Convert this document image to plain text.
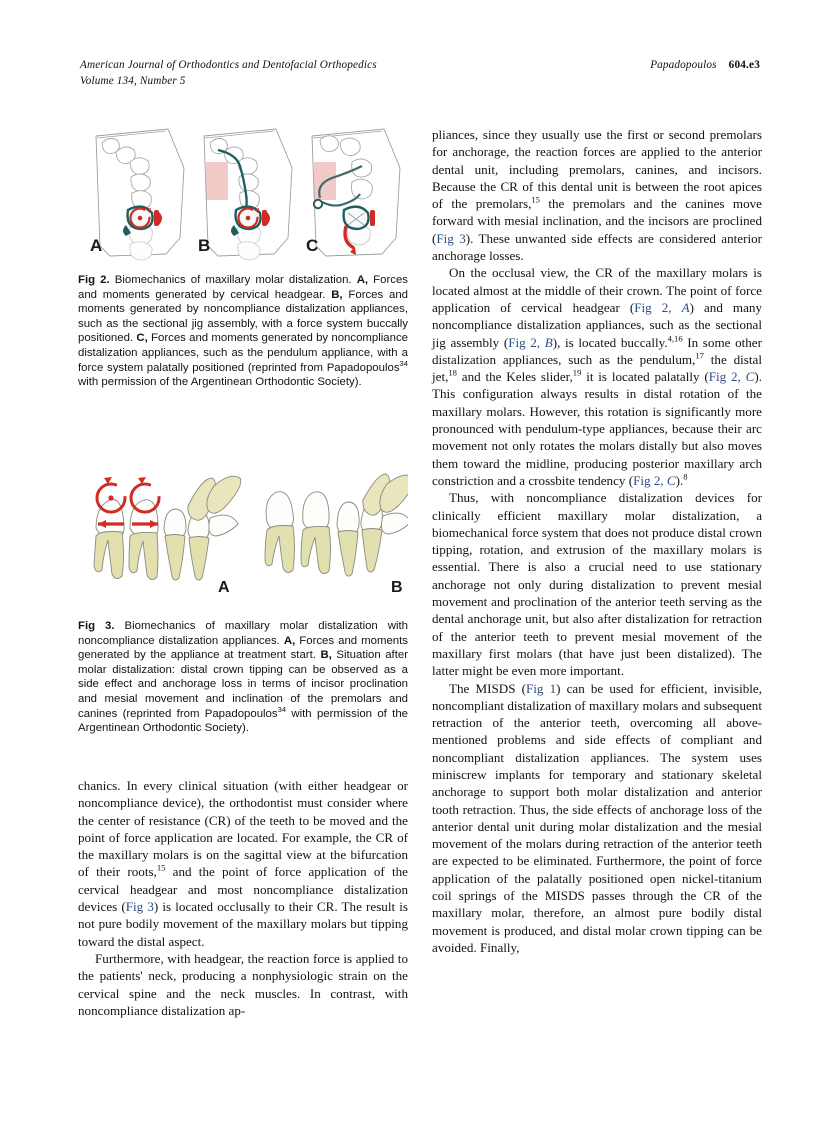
American Journal of Orthodontics and Dentofacial Orthopedics
Volume 134, Number 5
Papadopoulos 604.e3
A	B	C
Fig 2. Biomechanics of maxillary molar distalization. A, Forces and moments generated by cervical headgear. B, Forces and moments generated by noncompliance distalization appliances, such as the sectional jig assembly, with a force system buccally positioned. C, Forces and moments generated by noncompliance distalization appliances, such as the pendulum appliance, with a force system palatally positioned (reprinted from Papadopoulos$^{34}$ with permission of the Argentinean Orthodontic Society).
A	B
Fig 3. Biomechanics of maxillary molar distalization with noncompliance distalization appliances. A, Forces and moments generated by the appliance at treatment start. B, Situation after molar distalization: distal crown tipping can be observed as a side effect and anchorage loss in terms of incisor proclination and mesial movement and inclination of the premolars and canines (reprinted from Papadopoulos$^{34}$ with permission of the Argentinean Orthodontic Society).

chanics. In every clinical situation (with either headgear or noncompliance device), the orthodontist must consider where the center of resistance (CR) of the teeth to be moved and the point of force application are located. For example, the CR of the maxillary molars is on the sagittal view at the bifurcation of their roots,$^{15}$ and the point of force application of the cervical headgear and most noncompliance distalization devices (Fig 3) is located occlusally to their CR. The result is not pure bodily movement of the maxillary molars but tipping toward the distal aspect.

Furthermore, with headgear, the reaction force is applied to the patients' neck, producing a nonphysiologic strain on the cervical spine and the neck muscles. In contrast, with noncompliance distalization ap-

pliances, since they usually use the first or second premolars for anchorage, the reaction forces are applied to the anterior dental unit, including premolars, canines, and incisors. Because the CR of this dental unit is between the root apices of the premolars,$^{15}$ the premolars and the canines move forward with mesial inclination, and the incisors are proclined (Fig 3). These unwanted side effects are considered anterior anchorage losses.

On the occlusal view, the CR of the maxillary molars is located almost at the middle of their crown. The point of force application of cervical headgear (Fig 2, A) and many noncompliance distalization appliances, such as the sectional jig assembly (Fig 2, B), is located buccally.$^{4,16}$ In some other distalization appliances, such as the pendulum,$^{17}$ the distal jet,$^{18}$ and the Keles slider,$^{19}$ it is located palatally (Fig 2, C). This configuration always results in distal rotation of the maxillary molars. However, this rotation is significantly more pronounced with pendulum-type appliances, because their arc movement not only rotates the molars distally but also moves them toward the midline, producing posterior maxillary arch constriction and a crossbite tendency (Fig 2, C).$^8$

Thus, with noncompliance distalization devices for clinically efficient maxillary molar distalization, a biomechanical force system that does not produce distal crown tipping, rotation, and extrusion of the maxillary molars is essential. There is also a crucial need to use stationary anchorage not only during distalization to prevent mesial movement and proclination of the anterior teeth serving as the dental anchorage unit, but also after distalization for retraction of the anterior teeth to prevent mesial movement of the maxillary first molars (that have just been distalized). The latter might be even more important.

The MISDS (Fig 1) can be used for efficient, invisible, noncompliant distalization of maxillary molars and subsequent retraction of the anterior teeth, overcoming all above-mentioned problems and side effects of compliant and noncompliant distalization appliances. The system uses miniscrew implants for temporary and stationary skeletal anchorage to support both molar distalization and anterior tooth retraction. Thus, the side effects of anchorage loss of the anterior dental unit during molar distalization and the mesial movement of the molars during retraction of the anterior teeth are expected to be eliminated. Furthermore, the point of force application of the palatally positioned open nickel-titanium coil springs of the MISDS passes through the CR of the maxillary molar, therefore, an almost pure bodily distal movement is produced, and distal molar crown tipping can be avoided. Finally,
